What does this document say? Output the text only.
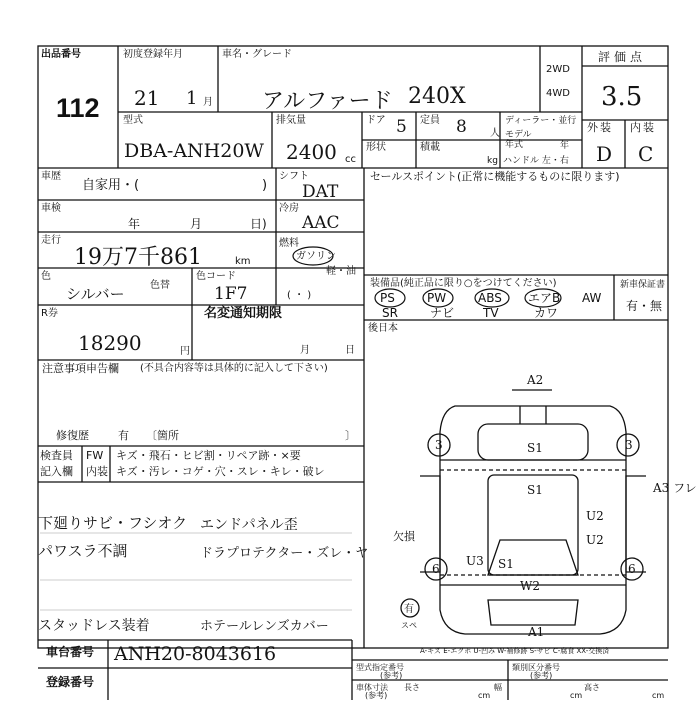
出品番号
112
初度登録年月
21 1 月
車名・グレード
アルファード 240X
2WD
4WD
評価点
3.5
型式
DBA-ANH20W
排気量
2400 cc
ドア 5 定員 8 人
ディーラー・並行
モデル年式	年
形状	積載
kg ハンドル 左・右
外装 内装
D C
車歴
自家用・(	)
車検
年	月	日)
走行
19万7千861	km
色
シルバー	色替
色コード
1F7
R券
18290	円
名変通知期限
月	日
シフト
DAT
冷房
AAC
燃料
ガソリン
軽・油
( ・ )
セールスポイント(正常に機能するものに限ります)
装備品(純正品に限り○をつけてください)
PS	PW	ABS エアB AW
SR	ナビ TV	カワ
新車保証書
有・無
後日本
注意事項申告欄 (不具合内容等は具体的に記入して下さい)
修復歴	有 〔箇所	〕
検査員
記入欄
FW キズ・飛石・ヒビ割・リペア跡・×要
内装 キズ・汚レ・コゲ・穴・スレ・キレ・破レ
下廻りサビ・フシオク エンドパネル歪
パワスラ不調	ドラプロテクター・ズレ・ヤ
スタッドレス装着	ホテールレンズカバー
A2
S1
S1
S1
3	3
A3 フレ
U2
W2
U2
U3
A1
6	6
有
スペ
欠損
A-キズ E-エクボ U-凹み W-補修跡 S-サビ C-腐食 XX-交換済
車台番号 ANH20-8043616
登録番号
型式指定番号
(参考)
類別区分番号
(参考)
車体寸法
(参考)
長さ
cm
幅
cm
高さ
cm
